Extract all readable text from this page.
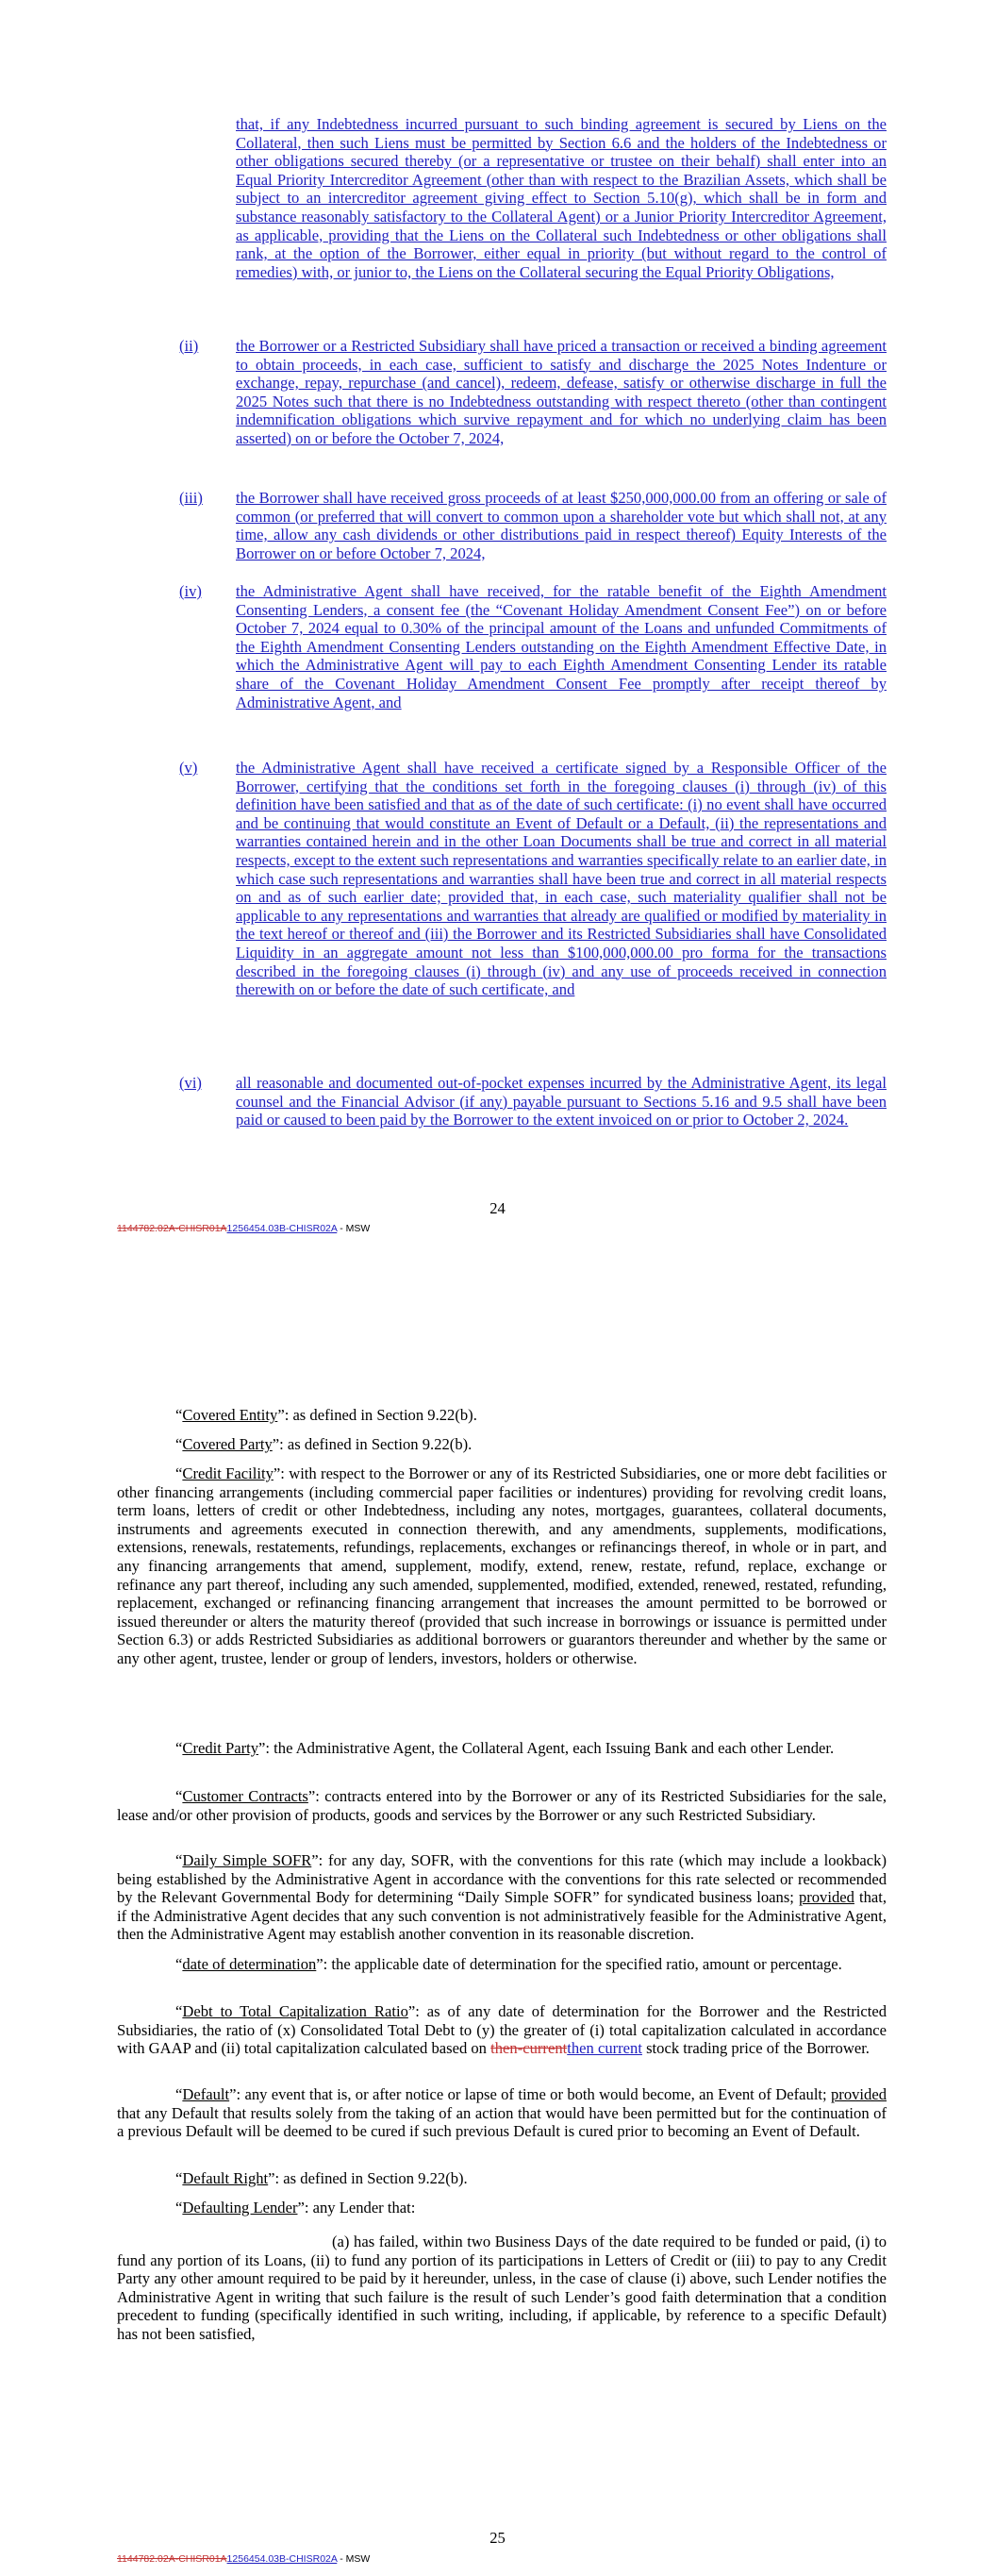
that, if any Indebtedness incurred pursuant to such binding agreement is secured by Liens on the Collateral, then such Liens must be permitted by Section 6.6 and the holders of the Indebtedness or other obligations secured thereby (or a representative or trustee on their behalf) shall enter into an Equal Priority Intercreditor Agreement (other than with respect to the Brazilian Assets, which shall be subject to an intercreditor agreement giving effect to Section 5.10(g), which shall be in form and substance reasonably satisfactory to the Collateral Agent) or a Junior Priority Intercreditor Agreement, as applicable, providing that the Liens on the Collateral such Indebtedness or other obligations shall rank, at the option of the Borrower, either equal in priority (but without regard to the control of remedies) with, or junior to, the Liens on the Collateral securing the Equal Priority Obligations,
(ii) the Borrower or a Restricted Subsidiary shall have priced a transaction or received a binding agreement to obtain proceeds, in each case, sufficient to satisfy and discharge the 2025 Notes Indenture or exchange, repay, repurchase (and cancel), redeem, defease, satisfy or otherwise discharge in full the 2025 Notes such that there is no Indebtedness outstanding with respect thereto (other than contingent indemnification obligations which survive repayment and for which no underlying claim has been asserted) on or before the October 7, 2024,
(iii) the Borrower shall have received gross proceeds of at least $250,000,000.00 from an offering or sale of common (or preferred that will convert to common upon a shareholder vote but which shall not, at any time, allow any cash dividends or other distributions paid in respect thereof) Equity Interests of the Borrower on or before October 7, 2024,
(iv) the Administrative Agent shall have received, for the ratable benefit of the Eighth Amendment Consenting Lenders, a consent fee (the “Covenant Holiday Amendment Consent Fee”) on or before October 7, 2024 equal to 0.30% of the principal amount of the Loans and unfunded Commitments of the Eighth Amendment Consenting Lenders outstanding on the Eighth Amendment Effective Date, in which the Administrative Agent will pay to each Eighth Amendment Consenting Lender its ratable share of the Covenant Holiday Amendment Consent Fee promptly after receipt thereof by Administrative Agent, and
(v) the Administrative Agent shall have received a certificate signed by a Responsible Officer of the Borrower, certifying that the conditions set forth in the foregoing clauses (i) through (iv) of this definition have been satisfied and that as of the date of such certificate: (i) no event shall have occurred and be continuing that would constitute an Event of Default or a Default, (ii) the representations and warranties contained herein and in the other Loan Documents shall be true and correct in all material respects, except to the extent such representations and warranties specifically relate to an earlier date, in which case such representations and warranties shall have been true and correct in all material respects on and as of such earlier date; provided that, in each case, such materiality qualifier shall not be applicable to any representations and warranties that already are qualified or modified by materiality in the text hereof or thereof and (iii) the Borrower and its Restricted Subsidiaries shall have Consolidated Liquidity in an aggregate amount not less than $100,000,000.00 pro forma for the transactions described in the foregoing clauses (i) through (iv) and any use of proceeds received in connection therewith on or before the date of such certificate, and
(vi) all reasonable and documented out-of-pocket expenses incurred by the Administrative Agent, its legal counsel and the Financial Advisor (if any) payable pursuant to Sections 5.16 and 9.5 shall have been paid or caused to been paid by the Borrower to the extent invoiced on or prior to October 2, 2024.
24
1144782.02A-CHISR01A1256454.03B-CHISR02A - MSW
“Covered Entity”: as defined in Section 9.22(b).
“Covered Party”: as defined in Section 9.22(b).
“Credit Facility”: with respect to the Borrower or any of its Restricted Subsidiaries, one or more debt facilities or other financing arrangements (including commercial paper facilities or indentures) providing for revolving credit loans, term loans, letters of credit or other Indebtedness, including any notes, mortgages, guarantees, collateral documents, instruments and agreements executed in connection therewith, and any amendments, supplements, modifications, extensions, renewals, restatements, refundings, replacements, exchanges or refinancings thereof, in whole or in part, and any financing arrangements that amend, supplement, modify, extend, renew, restate, refund, replace, exchange or refinance any part thereof, including any such amended, supplemented, modified, extended, renewed, restated, refunding, replacement, exchanged or refinancing financing arrangement that increases the amount permitted to be borrowed or issued thereunder or alters the maturity thereof (provided that such increase in borrowings or issuance is permitted under Section 6.3) or adds Restricted Subsidiaries as additional borrowers or guarantors thereunder and whether by the same or any other agent, trustee, lender or group of lenders, investors, holders or otherwise.
“Credit Party”: the Administrative Agent, the Collateral Agent, each Issuing Bank and each other Lender.
“Customer Contracts”: contracts entered into by the Borrower or any of its Restricted Subsidiaries for the sale, lease and/or other provision of products, goods and services by the Borrower or any such Restricted Subsidiary.
“Daily Simple SOFR”: for any day, SOFR, with the conventions for this rate (which may include a lookback) being established by the Administrative Agent in accordance with the conventions for this rate selected or recommended by the Relevant Governmental Body for determining “Daily Simple SOFR” for syndicated business loans; provided that, if the Administrative Agent decides that any such convention is not administratively feasible for the Administrative Agent, then the Administrative Agent may establish another convention in its reasonable discretion.
“date of determination”: the applicable date of determination for the specified ratio, amount or percentage.
“Debt to Total Capitalization Ratio”: as of any date of determination for the Borrower and the Restricted Subsidiaries, the ratio of (x) Consolidated Total Debt to (y) the greater of (i) total capitalization calculated in accordance with GAAP and (ii) total capitalization calculated based on then-currentthen current stock trading price of the Borrower.
“Default”: any event that is, or after notice or lapse of time or both would become, an Event of Default; provided that any Default that results solely from the taking of an action that would have been permitted but for the continuation of a previous Default will be deemed to be cured if such previous Default is cured prior to becoming an Event of Default.
“Default Right”: as defined in Section 9.22(b).
“Defaulting Lender”: any Lender that:
(a) has failed, within two Business Days of the date required to be funded or paid, (i) to fund any portion of its Loans, (ii) to fund any portion of its participations in Letters of Credit or (iii) to pay to any Credit Party any other amount required to be paid by it hereunder, unless, in the case of clause (i) above, such Lender notifies the Administrative Agent in writing that such failure is the result of such Lender’s good faith determination that a condition precedent to funding (specifically identified in such writing, including, if applicable, by reference to a specific Default) has not been satisfied,
25
1144782.02A-CHISR01A1256454.03B-CHISR02A - MSW
